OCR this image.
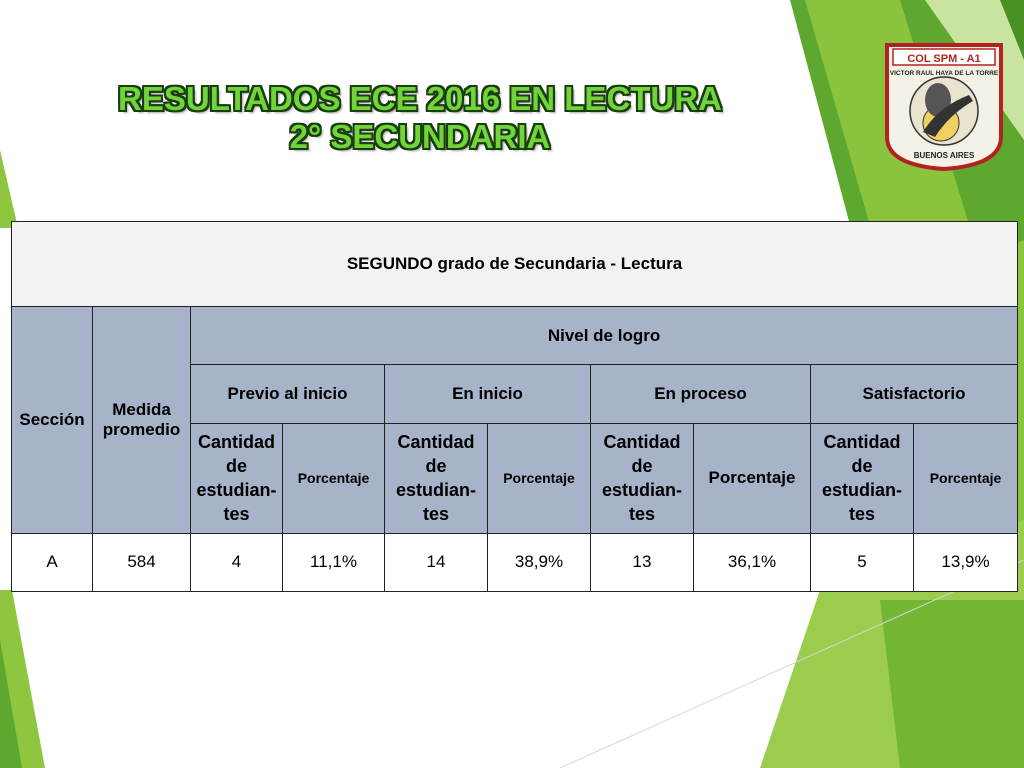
RESULTADOS ECE 2016 EN LECTURA
2° SECUNDARIA
COL SPM - A1
BUENOS AIRES
VICTOR RAUL HAYA DE LA TORRE
SEGUNDO grado de Secundaria - Lectura									
Sección	Medida promedio	Nivel de logro							
		Previo al inicio		En inicio		En proceso		Satisfactorio	
		Cantidad de estudian-tes	Porcentaje	Cantidad de estudian-tes	Porcentaje	Cantidad de estudian-tes	Porcentaje	Cantidad de estudian-tes	Porcentaje
A	584	4	11,1%	14	38,9%	13	36,1%	5	13,9%
